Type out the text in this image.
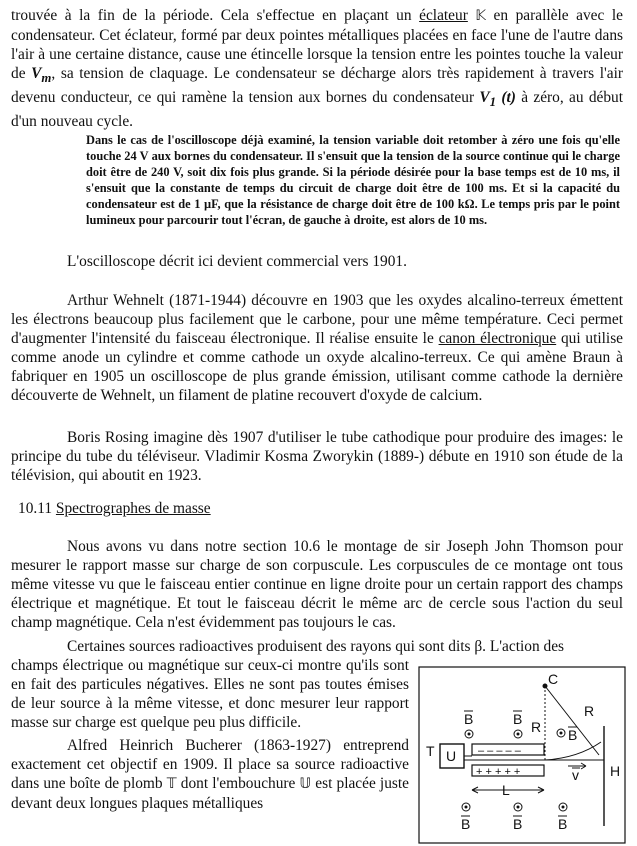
trouvée à la fin de la période. Cela s'effectue en plaçant un éclateur 𝕂 en parallèle avec le condensateur. Cet éclateur, formé par deux pointes métalliques placées en face l'une de l'autre dans l'air à une certaine distance, cause une étincelle lorsque la tension entre les pointes touche la valeur de $V_m$, sa tension de claquage. Le condensateur se décharge alors très rapidement à travers l'air devenu conducteur, ce qui ramène la tension aux bornes du condensateur $V_1$ (t) à zéro, au début d'un nouveau cycle.

Dans le cas de l'oscilloscope déjà examiné, la tension variable doit retomber à zéro une fois qu'elle touche 24 V aux bornes du condensateur. Il s'ensuit que la tension de la source continue qui le charge doit être de 240 V, soit dix fois plus grande. Si la période désirée pour la base temps est de 10 ms, il s'ensuit que la constante de temps du circuit de charge doit être de 100 ms. Et si la capacité du condensateur est de 1 µF, que la résistance de charge doit être de 100 kΩ. Le temps pris par le point lumineux pour parcourir tout l'écran, de gauche à droite, est alors de 10 ms.

L'oscilloscope décrit ici devient commercial vers 1901.

Arthur Wehnelt (1871-1944) découvre en 1903 que les oxydes alcalino-terreux émettent les électrons beaucoup plus facilement que le carbone, pour une même température. Ceci permet d'augmenter l'intensité du faisceau électronique. Il réalise ensuite le canon électronique qui utilise comme anode un cylindre et comme cathode un oxyde alcalino-terreux. Ce qui amène Braun à fabriquer en 1905 un oscilloscope de plus grande émission, utilisant comme cathode la dernière découverte de Wehnelt, un filament de platine recouvert d'oxyde de calcium.

Boris Rosing imagine dès 1907 d'utiliser le tube cathodique pour produire des images: le principe du tube du téléviseur. Vladimir Kosma Zworykin (1889-) débute en 1910 son étude de la télévision, qui aboutit en 1923.

10.11 Spectrographes de masse

Nous avons vu dans notre section 10.6 le montage de sir Joseph John Thomson pour mesurer le rapport masse sur charge de son corpuscule. Les corpuscules de ce montage ont tous même vitesse vu que le faisceau entier continue en ligne droite pour un certain rapport des champs électrique et magnétique. Et tout le faisceau décrit le même arc de cercle sous l'action du seul champ magnétique. Cela n'est évidemment pas toujours le cas.

Certaines sources radioactives produisent des rayons qui sont dits β. L'action des

champs électrique ou magnétique sur ceux-ci montre qu'ils sont en fait des particules négatives. Elles ne sont pas toutes émises de leur source à la même vitesse, et donc mesurer leur rapport masse sur charge est quelque peu plus difficile.

Alfred Heinrich Bucherer (1863-1927) entreprend exactement cet objectif en 1909. Il place sa source radioactive dans une boîte de plomb 𝕋 dont l'embouchure 𝕌 est placée juste devant deux longues plaques métalliques

C
R
R
B	B
B
T U – – – – –
+ + + + +	v H
L
B	B	B
